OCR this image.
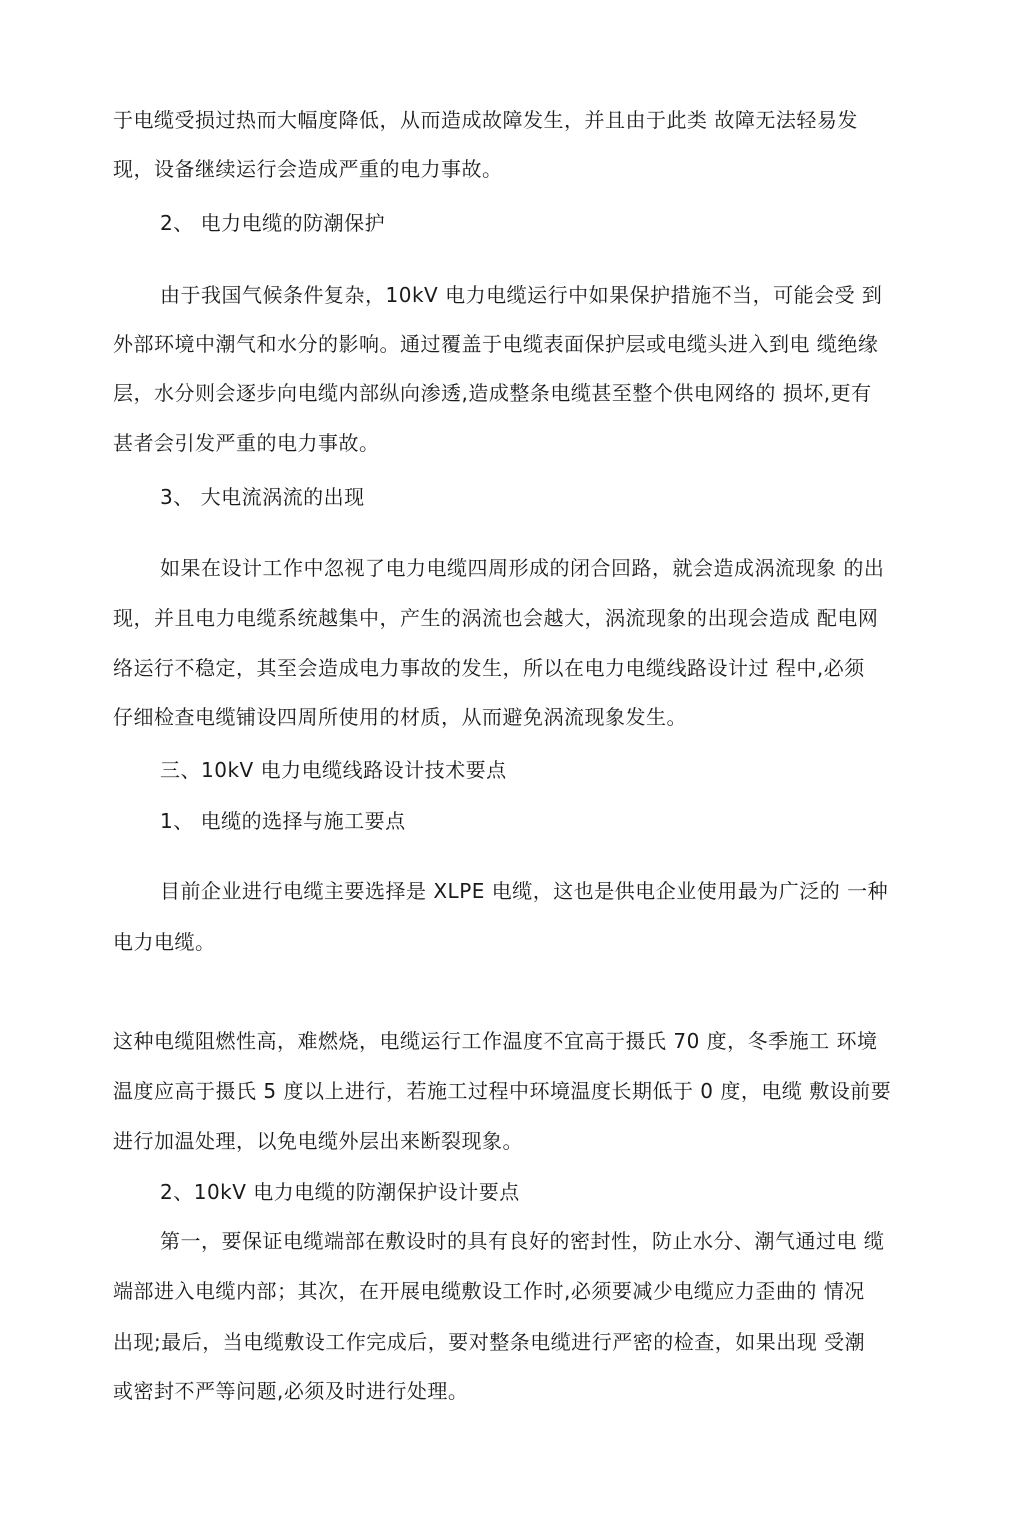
于电缆受损过热而大幅度降低，从而造成故障发生，并且由于此类 故障无法轻易发
现，设备继续运行会造成严重的电力事故。
2、 电力电缆的防潮保护
由于我国气候条件复杂，10kV 电力电缆运行中如果保护措施不当，可能会受 到
外部环境中潮气和水分的影响。通过覆盖于电缆表面保护层或电缆头进入到电 缆绝缘
层，水分则会逐步向电缆内部纵向渗透,造成整条电缆甚至整个供电网络的 损坏,更有
甚者会引发严重的电力事故。
3、 大电流涡流的出现
如果在设计工作中忽视了电力电缆四周形成的闭合回路，就会造成涡流现象 的出
现，并且电力电缆系统越集中，产生的涡流也会越大，涡流现象的出现会造成 配电网
络运行不稳定，其至会造成电力事故的发生，所以在电力电缆线路设计过 程中,必须
仔细检查电缆铺设四周所使用的材质，从而避免涡流现象发生。
三、10kV 电力电缆线路设计技术要点
1、 电缆的选择与施工要点
目前企业进行电缆主要选择是 XLPE 电缆，这也是供电企业使用最为广泛的 一种
电力电缆。
这种电缆阻燃性高，难燃烧，电缆运行工作温度不宜高于摄氏 70 度，冬季施工 环境
温度应高于摄氏 5 度以上进行，若施工过程中环境温度长期低于 0 度，电缆 敷设前要
进行加温处理，以免电缆外层出来断裂现象。
2、10kV 电力电缆的防潮保护设计要点
第一，要保证电缆端部在敷设时的具有良好的密封性，防止水分、潮气通过电 缆
端部进入电缆内部；其次，在开展电缆敷设工作时,必须要减少电缆应力歪曲的 情况
出现;最后，当电缆敷设工作完成后，要对整条电缆进行严密的检查，如果出现 受潮
或密封不严等问题,必须及时进行处理。
